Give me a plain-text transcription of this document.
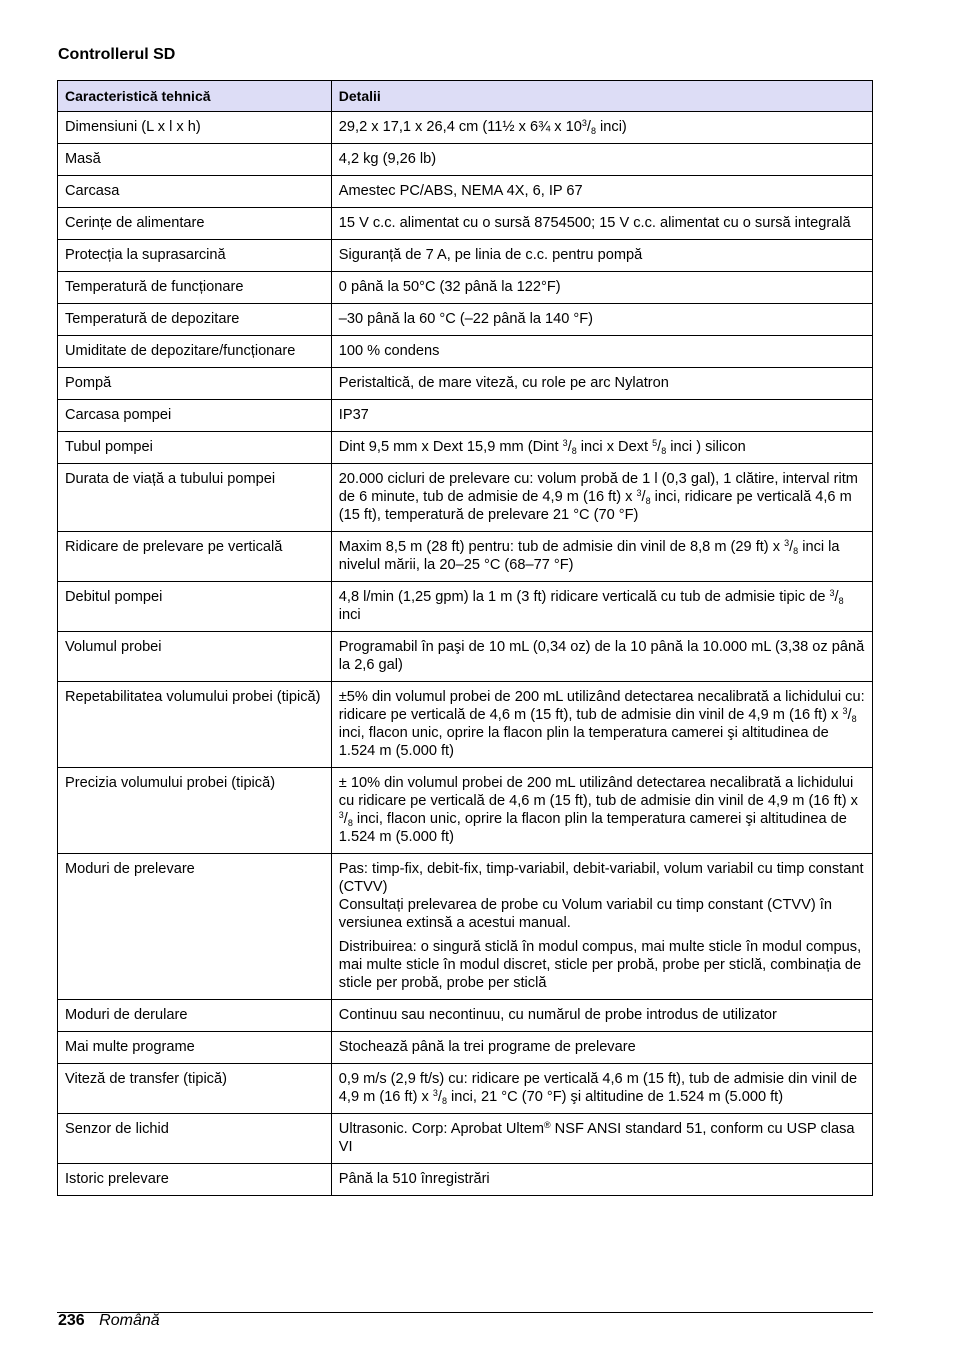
Controllerul SD
Caracteristică tehnică	Detalii
Dimensiuni (L x l x h)	29,2 x 17,1 x 26,4 cm (11½ x 6¾ x $10^3/_8$ inci)
Masă	4,2 kg (9,26 lb)
Carcasa	Amestec PC/ABS, NEMA 4X, 6, IP 67
Cerințe de alimentare	15 V c.c. alimentat cu o sursă 8754500; 15 V c.c. alimentat cu o sursă integrală
Protecția la suprasarcină	Siguranță de 7 A, pe linia de c.c. pentru pompă
Temperatură de funcționare	0 până la 50°C (32 până la 122°F)
Temperatură de depozitare	–30 până la 60 °C (–22 până la 140 °F)
Umiditate de depozitare/funcționare	100 % condens
Pompă	Peristaltică, de mare viteză, cu role pe arc Nylatron
Carcasa pompei	IP37
Tubul pompei	Dint 9,5 mm x Dext 15,9 mm (Dint $^3/_8$ inci x Dext $^5/_8$ inci ) silicon
Durata de viață a tubului pompei	20.000 cicluri de prelevare cu: volum probă de 1 l (0,3 gal), 1 clătire, interval ritm de 6 minute, tub de admisie de 4,9 m (16 ft) x $^3/_8$ inci, ridicare pe verticală 4,6 m (15 ft), temperatură de prelevare 21 °C (70 °F)
Ridicare de prelevare pe verticală	Maxim 8,5 m (28 ft) pentru: tub de admisie din vinil de 8,8 m (29 ft) x $^3/_8$ inci la nivelul mării, la 20–25 °C (68–77 °F)
Debitul pompei	4,8 l/min (1,25 gpm) la 1 m (3 ft) ridicare verticală cu tub de admisie tipic de $^3/_8$ inci
Volumul probei	Programabil în paşi de 10 mL (0,34 oz) de la 10 până la 10.000 mL (3,38 oz până la 2,6 gal)
Repetabilitatea volumului probei (tipică)	±5% din volumul probei de 200 mL utilizând detectarea necalibrată a lichidului cu: ridicare pe verticală de 4,6 m (15 ft), tub de admisie din vinil de 4,9 m (16 ft) x $^3/_8$ inci, flacon unic, oprire la flacon plin la temperatura camerei şi altitudinea de 1.524 m (5.000 ft)
Precizia volumului probei (tipică)	± 10% din volumul probei de 200 mL utilizând detectarea necalibrată a lichidului cu ridicare pe verticală de 4,6 m (15 ft), tub de admisie din vinil de 4,9 m (16 ft) x $^3/_8$ inci, flacon unic, oprire la flacon plin la temperatura camerei şi altitudinea de 1.524 m (5.000 ft)
Moduri de prelevare	Pas: timp-fix, debit-fix, timp-variabil, debit-variabil, volum variabil cu timp constant (CTVV)
Consultați prelevarea de probe cu Volum variabil cu timp constant (CTVV) în versiunea extinsă a acestui manual.
Distribuirea: o singură sticlă în modul compus, mai multe sticle în modul compus, mai multe sticle în modul discret, sticle per probă, probe per sticlă, combinația de sticle per probă, probe per sticlă

Moduri de derulare	Continuu sau necontinuu, cu numărul de probe introdus de utilizator
Mai multe programe	Stochează până la trei programe de prelevare
Viteză de transfer (tipică)	0,9 m/s (2,9 ft/s) cu: ridicare pe verticală 4,6 m (15 ft), tub de admisie din vinil de 4,9 m (16 ft) x $^3/_8$ inci, 21 °C (70 °F) şi altitudine de 1.524 m (5.000 ft)
Senzor de lichid	Ultrasonic. Corp: Aprobat Ultem® NSF ANSI standard 51, conform cu USP clasa VI
Istoric prelevare	Până la 510 înregistrări
236 Română
